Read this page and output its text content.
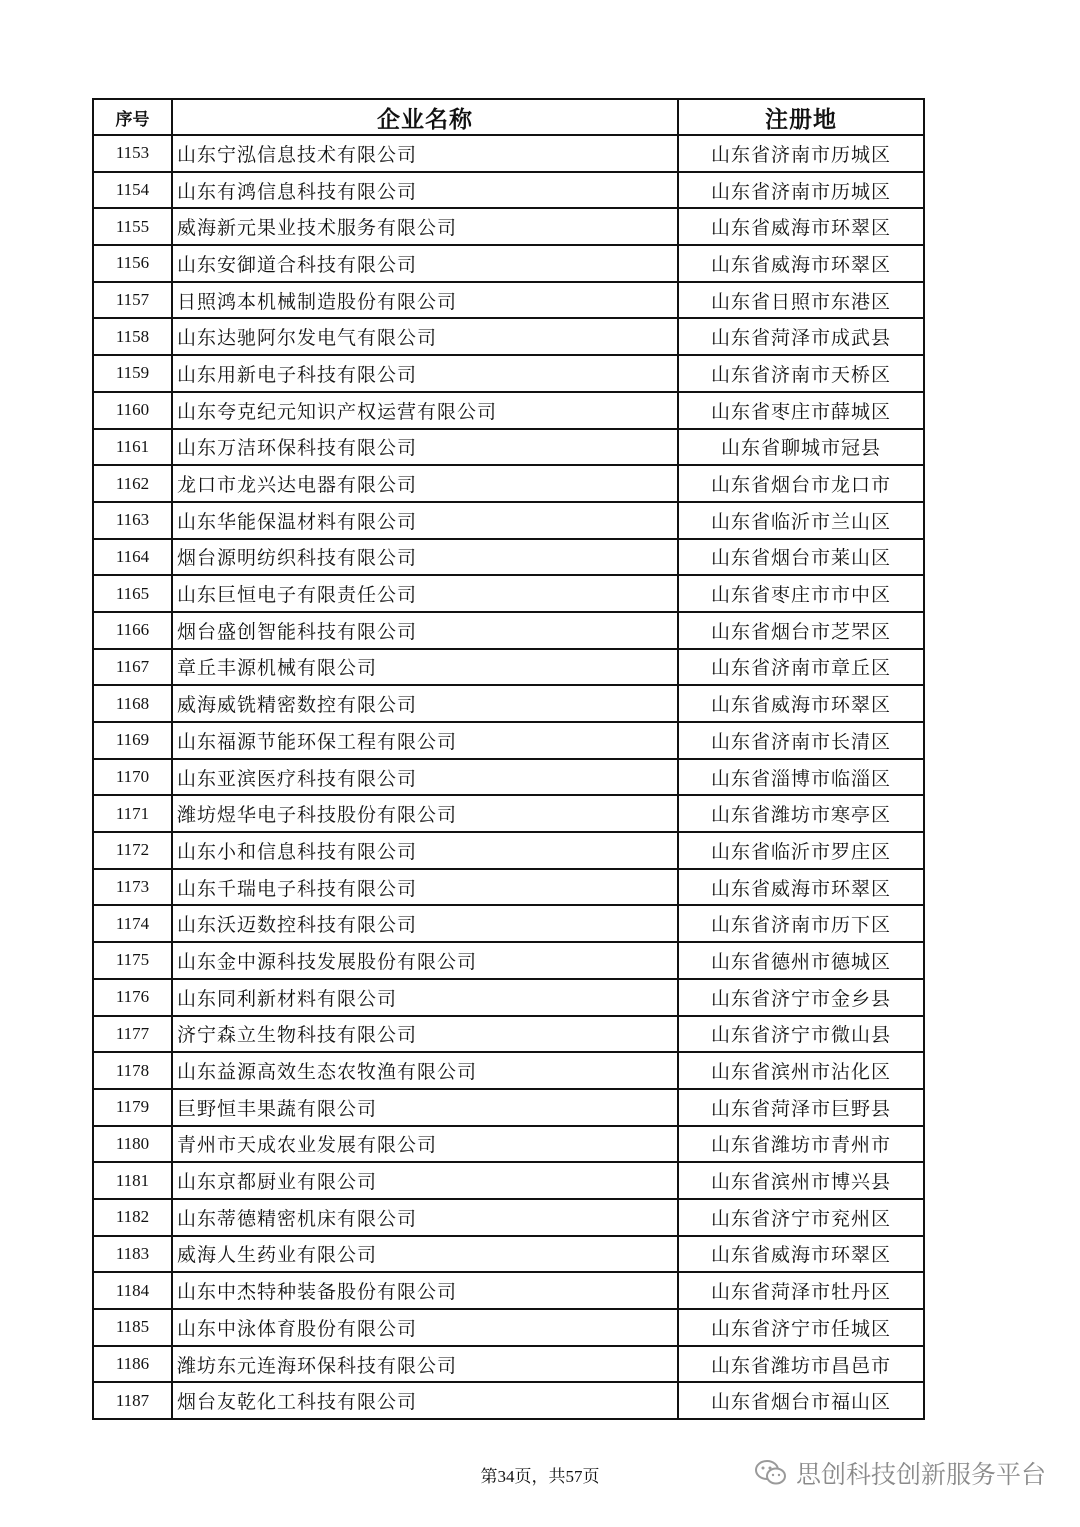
序号	企业名称	注册地
1153	山东宁泓信息技术有限公司	山东省济南市历城区
1154	山东有鸿信息科技有限公司	山东省济南市历城区
1155	威海新元果业技术服务有限公司	山东省威海市环翠区
1156	山东安御道合科技有限公司	山东省威海市环翠区
1157	日照鸿本机械制造股份有限公司	山东省日照市东港区
1158	山东达驰阿尔发电气有限公司	山东省菏泽市成武县
1159	山东用新电子科技有限公司	山东省济南市天桥区
1160	山东夸克纪元知识产权运营有限公司	山东省枣庄市薛城区
1161	山东万洁环保科技有限公司	山东省聊城市冠县
1162	龙口市龙兴达电器有限公司	山东省烟台市龙口市
1163	山东华能保温材料有限公司	山东省临沂市兰山区
1164	烟台源明纺织科技有限公司	山东省烟台市莱山区
1165	山东巨恒电子有限责任公司	山东省枣庄市市中区
1166	烟台盛创智能科技有限公司	山东省烟台市芝罘区
1167	章丘丰源机械有限公司	山东省济南市章丘区
1168	威海威铣精密数控有限公司	山东省威海市环翠区
1169	山东福源节能环保工程有限公司	山东省济南市长清区
1170	山东亚滨医疗科技有限公司	山东省淄博市临淄区
1171	潍坊煜华电子科技股份有限公司	山东省潍坊市寒亭区
1172	山东小和信息科技有限公司	山东省临沂市罗庄区
1173	山东千瑞电子科技有限公司	山东省威海市环翠区
1174	山东沃迈数控科技有限公司	山东省济南市历下区
1175	山东金中源科技发展股份有限公司	山东省德州市德城区
1176	山东同利新材料有限公司	山东省济宁市金乡县
1177	济宁森立生物科技有限公司	山东省济宁市微山县
1178	山东益源高效生态农牧渔有限公司	山东省滨州市沾化区
1179	巨野恒丰果蔬有限公司	山东省菏泽市巨野县
1180	青州市天成农业发展有限公司	山东省潍坊市青州市
1181	山东京都厨业有限公司	山东省滨州市博兴县
1182	山东蒂德精密机床有限公司	山东省济宁市兖州区
1183	威海人生药业有限公司	山东省威海市环翠区
1184	山东中杰特种装备股份有限公司	山东省菏泽市牡丹区
1185	山东中泳体育股份有限公司	山东省济宁市任城区
1186	潍坊东元连海环保科技有限公司	山东省潍坊市昌邑市
1187	烟台友乾化工科技有限公司	山东省烟台市福山区
第34页，共57页	思创科技创新服务平台
